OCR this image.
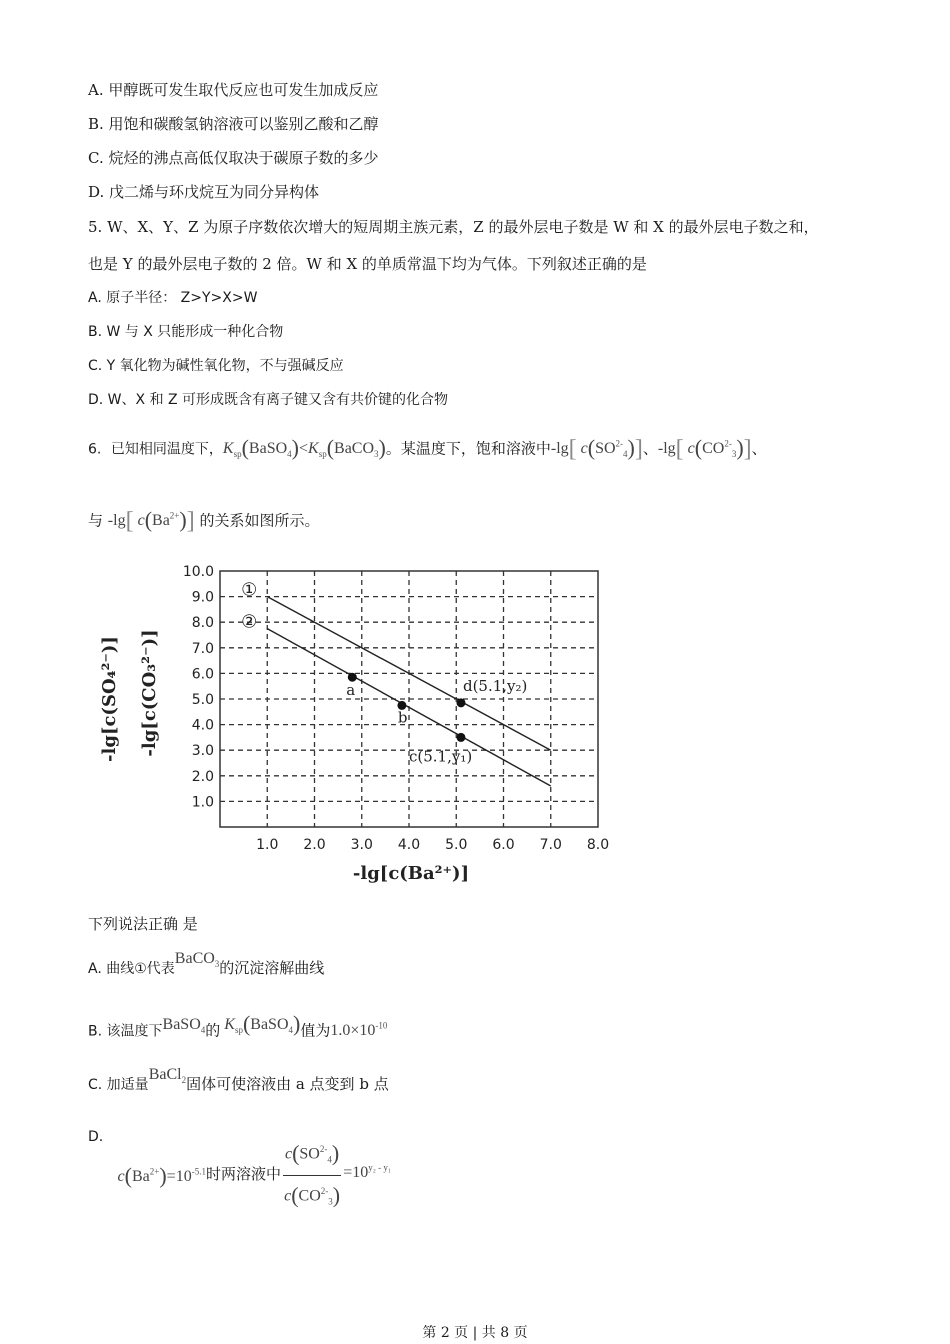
A. 甲醇既可发生取代反应也可发生加成反应
B. 用饱和碳酸氢钠溶液可以鉴别乙酸和乙醇
C. 烷烃的沸点高低仅取决于碳原子数的多少
D. 戊二烯与环戊烷互为同分异构体
5. W、X、Y、Z 为原子序数依次增大的短周期主族元素，Z 的最外层电子数是 W 和 X 的最外层电子数之和，
也是 Y 的最外层电子数的 2 倍。W 和 X 的单质常温下均为气体。下列叙述正确的是
A. 原子半径： Z>Y>X>W
B. W 与 X 只能形成一种化合物
C. Y 氧化物为碱性氧化物，不与强碱反应
D. W、X 和 Z 可形成既含有离子键又含有共价键的化合物
6. 已知相同温度下，$K_{sp}(BaSO_4)<K_{sp}(BaCO_3)$。某温度下，饱和溶液中-lg[ $c(SO^{2-}_4)$]、-lg[ $c(CO^{2-}_3)$]、
与 -lg[ $c(Ba^{2+})$] 的关系如图所示。
1.0 2.0 3.0 4.0 5.0 6.0 7.0 8.0
1.0
2.0
3.0
4.0
5.0
6.0
7.0
8.0
9.0
10.0
-lg[c(Ba²⁺)]
-lg[c(SO₄²⁻)] -lg[c(CO₃²⁻)]
①
②
a
b
d(5.1,y₂)
c(5.1,y₁)
下列说法正确 是
A. 曲线①代表BaCO$_3$的沉淀溶解曲线
B. 该温度下BaSO$_4$的 $K_{sp}(BaSO_4)$值为$1.0\times 10^{-10}$
C. 加适量BaCl$_2$固体可使溶液由 a 点变到 b 点
D.   $c(Ba^{2+})=10^{-5.1}$时两溶液中 $\frac{c(SO^{2-}_4)}{c(CO^{2-}_3)} =10^{y_2 - y_1}$
第 2 页 | 共 8 页
